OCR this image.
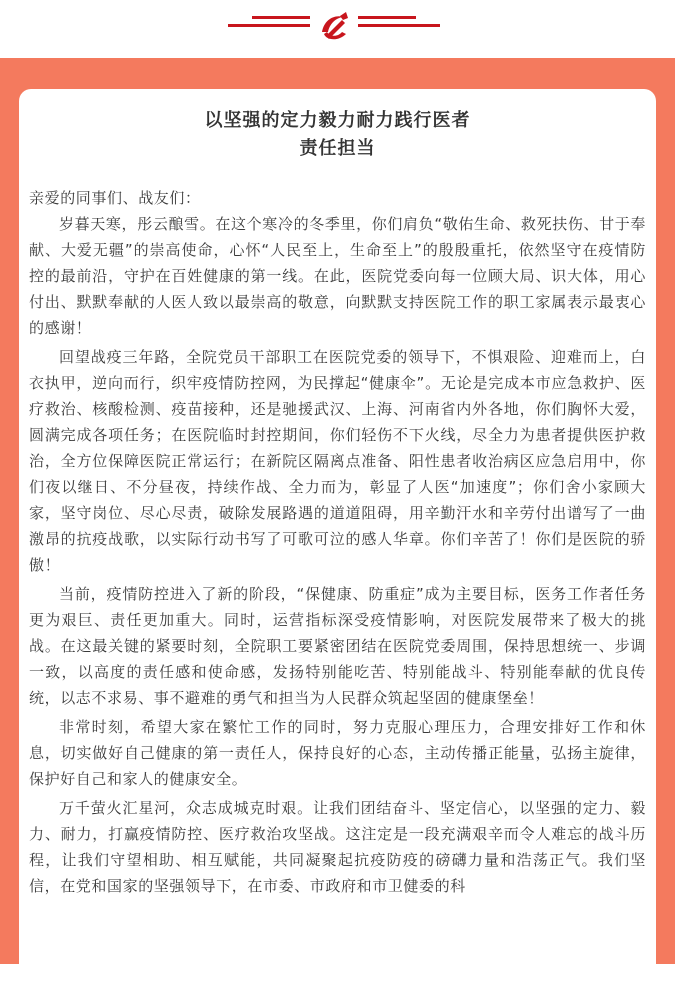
以坚强的定力毅力耐力践行医者
责任担当

亲爱的同事们、战友们：

岁暮天寒，彤云酿雪。在这个寒冷的冬季里，你们肩负“敬佑生命、救死扶伤、甘于奉献、大爱无疆”的崇高使命，心怀“人民至上，生命至上”的殷殷重托，依然坚守在疫情防控的最前沿，守护在百姓健康的第一线。在此，医院党委向每一位顾大局、识大体，用心付出、默默奉献的人医人致以最崇高的敬意，向默默支持医院工作的职工家属表示最衷心的感谢！

回望战疫三年路，全院党员干部职工在医院党委的领导下，不惧艰险、迎难而上，白衣执甲，逆向而行，织牢疫情防控网，为民撑起“健康伞”。无论是完成本市应急救护、医疗救治、核酸检测、疫苗接种，还是驰援武汉、上海、河南省内外各地，你们胸怀大爱，圆满完成各项任务；在医院临时封控期间，你们轻伤不下火线，尽全力为患者提供医护救治，全方位保障医院正常运行；在新院区隔离点准备、阳性患者收治病区应急启用中，你们夜以继日、不分昼夜，持续作战、全力而为，彰显了人医“加速度”；你们舍小家顾大家，坚守岗位、尽心尽责，破除发展路遇的道道阻碍，用辛勤汗水和辛劳付出谱写了一曲激昂的抗疫战歌，以实际行动书写了可歌可泣的感人华章。你们辛苦了！你们是医院的骄傲！

当前，疫情防控进入了新的阶段，“保健康、防重症”成为主要目标，医务工作者任务更为艰巨、责任更加重大。同时，运营指标深受疫情影响，对医院发展带来了极大的挑战。在这最关键的紧要时刻，全院职工要紧密团结在医院党委周围，保持思想统一、步调一致，以高度的责任感和使命感，发扬特别能吃苦、特别能战斗、特别能奉献的优良传统，以志不求易、事不避难的勇气和担当为人民群众筑起坚固的健康堡垒！

非常时刻，希望大家在繁忙工作的同时，努力克服心理压力，合理安排好工作和休息，切实做好自己健康的第一责任人，保持良好的心态，主动传播正能量，弘扬主旋律，保护好自己和家人的健康安全。

万千萤火汇星河，众志成城克时艰。让我们团结奋斗、坚定信心，以坚强的定力、毅力、耐力，打赢疫情防控、医疗救治攻坚战。这注定是一段充满艰辛而令人难忘的战斗历程，让我们守望相助、相互赋能，共同凝聚起抗疫防疫的磅礴力量和浩荡正气。我们坚信，在党和国家的坚强领导下，在市委、市政府和市卫健委的科
